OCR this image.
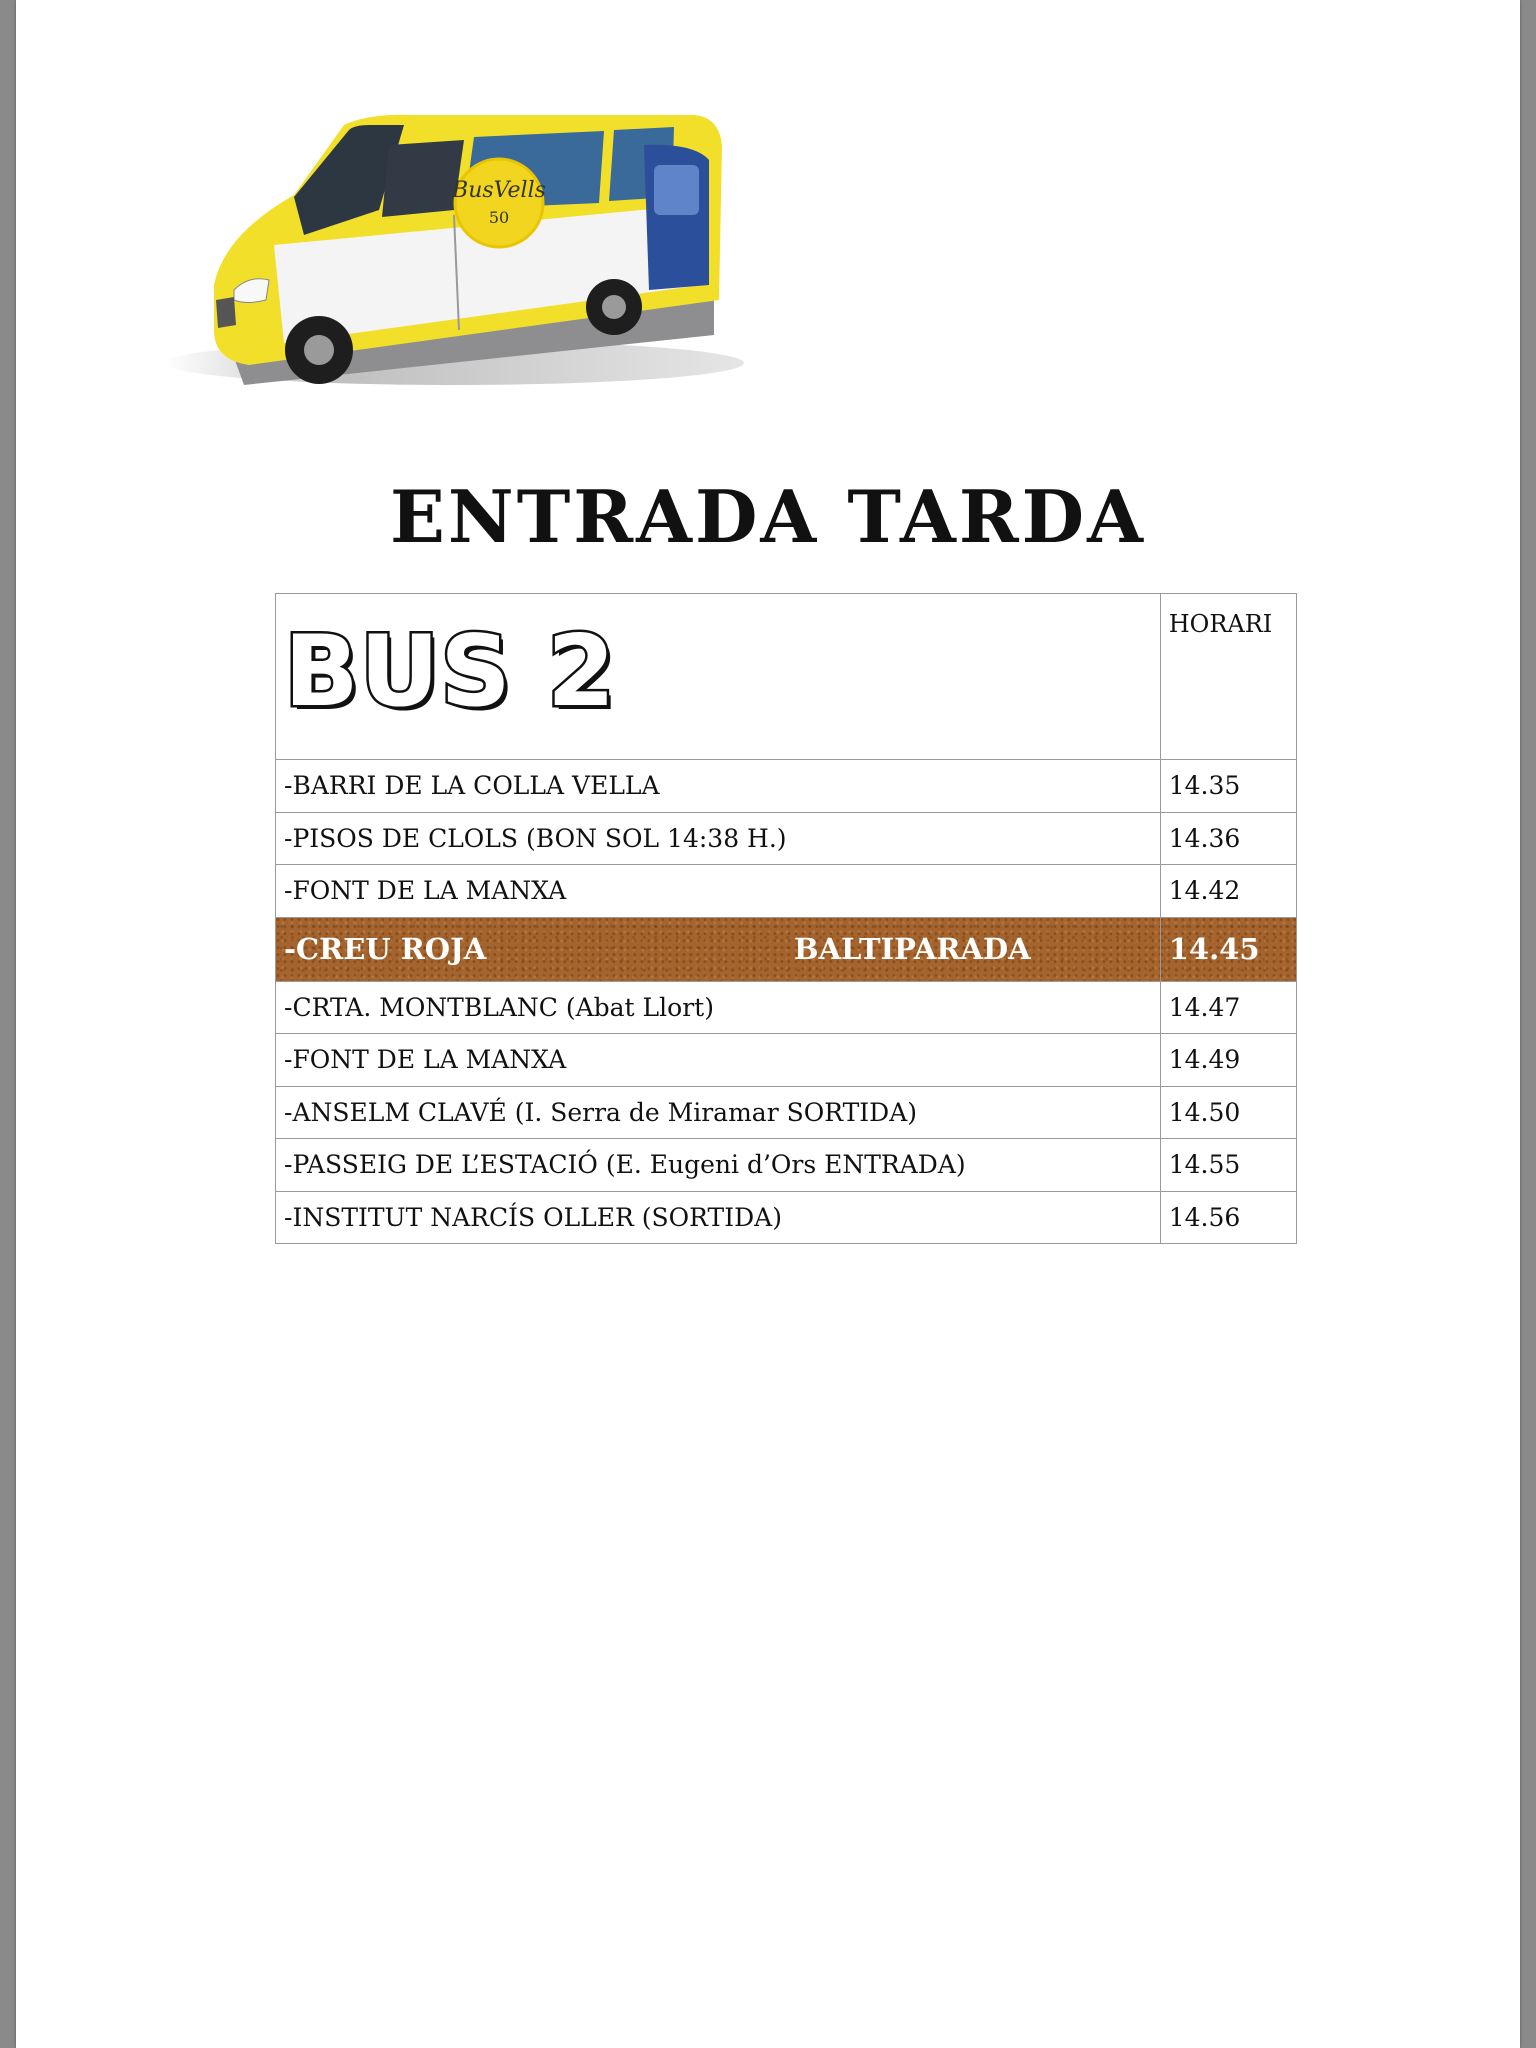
BusVells
50
ENTRADA TARDA
BUS 2	HORARI

-BARRI DE LA COLLA VELLA	14.35
-PISOS DE CLOLS (BON SOL 14:38 H.)	14.36
-FONT DE LA MANXA	14.42

-CREU ROJA BALTIPARADA	14.45
-CRTA. MONTBLANC (Abat Llort)	14.47
-FONT DE LA MANXA	14.49
-ANSELM CLAVÉ (I. Serra de Miramar SORTIDA)	14.50
-PASSEIG DE L’ESTACIÓ (E. Eugeni d’Ors ENTRADA)	14.55
-INSTITUT NARCÍS OLLER (SORTIDA)	14.56
